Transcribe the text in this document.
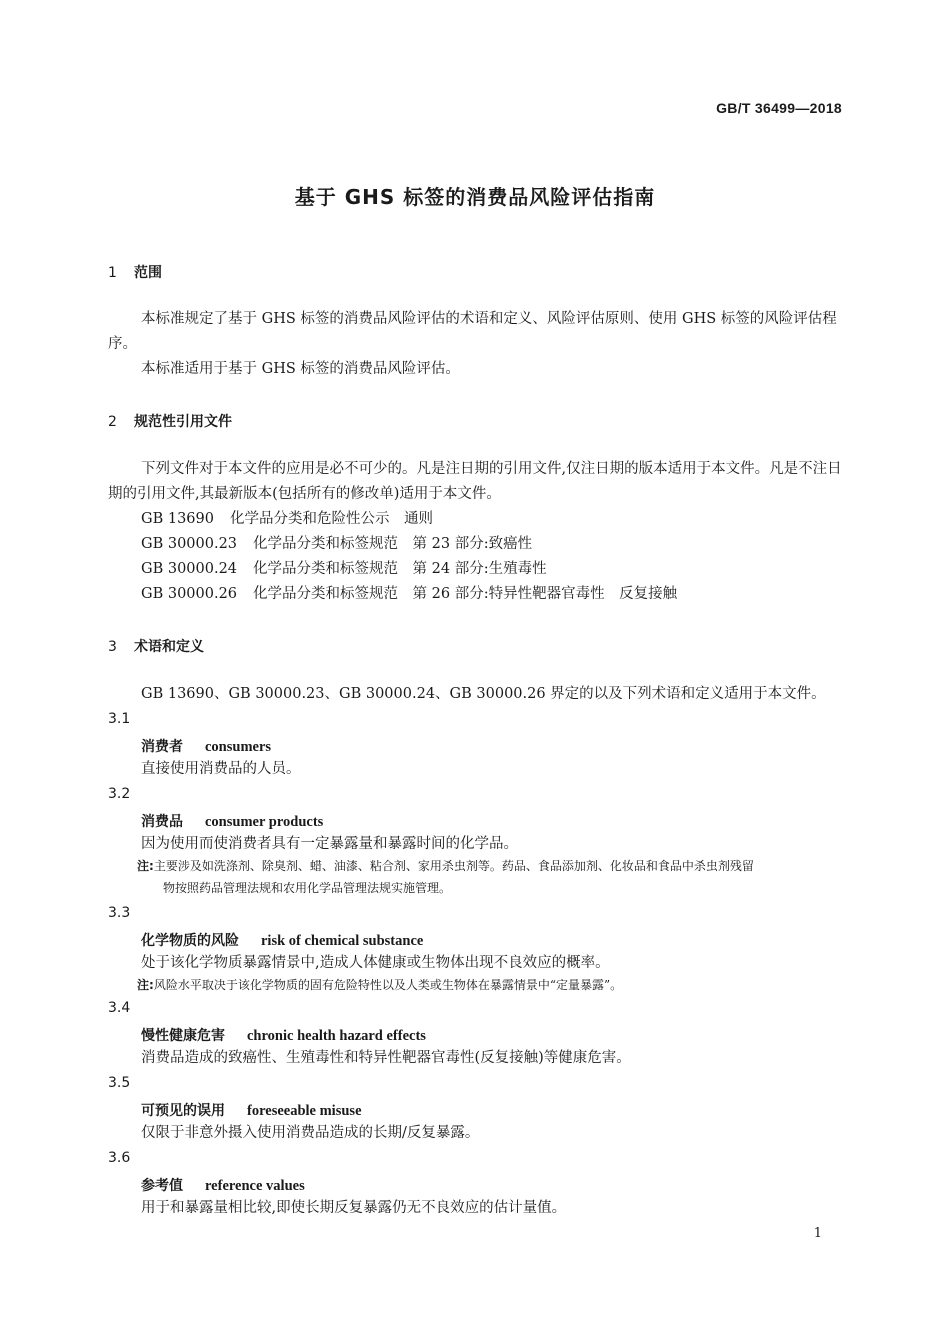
GB/T 36499—2018
基于 GHS 标签的消费品风险评估指南
1 范围
本标准规定了基于 GHS 标签的消费品风险评估的术语和定义、风险评估原则、使用 GHS 标签的风险评估程序。
本标准适用于基于 GHS 标签的消费品风险评估。
2 规范性引用文件
下列文件对于本文件的应用是必不可少的。凡是注日期的引用文件,仅注日期的版本适用于本文件。凡是不注日期的引用文件,其最新版本(包括所有的修改单)适用于本文件。
GB 13690 化学品分类和危险性公示　通则
GB 30000.23 化学品分类和标签规范　第 23 部分:致癌性
GB 30000.24 化学品分类和标签规范　第 24 部分:生殖毒性
GB 30000.26 化学品分类和标签规范　第 26 部分:特异性靶器官毒性　反复接触
3 术语和定义
GB 13690、GB 30000.23、GB 30000.24、GB 30000.26 界定的以及下列术语和定义适用于本文件。
3.1
消费者 consumers
直接使用消费品的人员。
3.2
消费品 consumer products
因为使用而使消费者具有一定暴露量和暴露时间的化学品。
注:主要涉及如洗涤剂、除臭剂、蜡、油漆、粘合剂、家用杀虫剂等。药品、食品添加剂、化妆品和食品中杀虫剂残留
物按照药品管理法规和农用化学品管理法规实施管理。
3.3
化学物质的风险 risk of chemical substance
处于该化学物质暴露情景中,造成人体健康或生物体出现不良效应的概率。
注:风险水平取决于该化学物质的固有危险特性以及人类或生物体在暴露情景中“定量暴露”。
3.4
慢性健康危害 chronic health hazard effects
消费品造成的致癌性、生殖毒性和特异性靶器官毒性(反复接触)等健康危害。
3.5
可预见的误用 foreseeable misuse
仅限于非意外摄入使用消费品造成的长期/反复暴露。
3.6
参考值 reference values
用于和暴露量相比较,即使长期反复暴露仍无不良效应的估计量值。
1
